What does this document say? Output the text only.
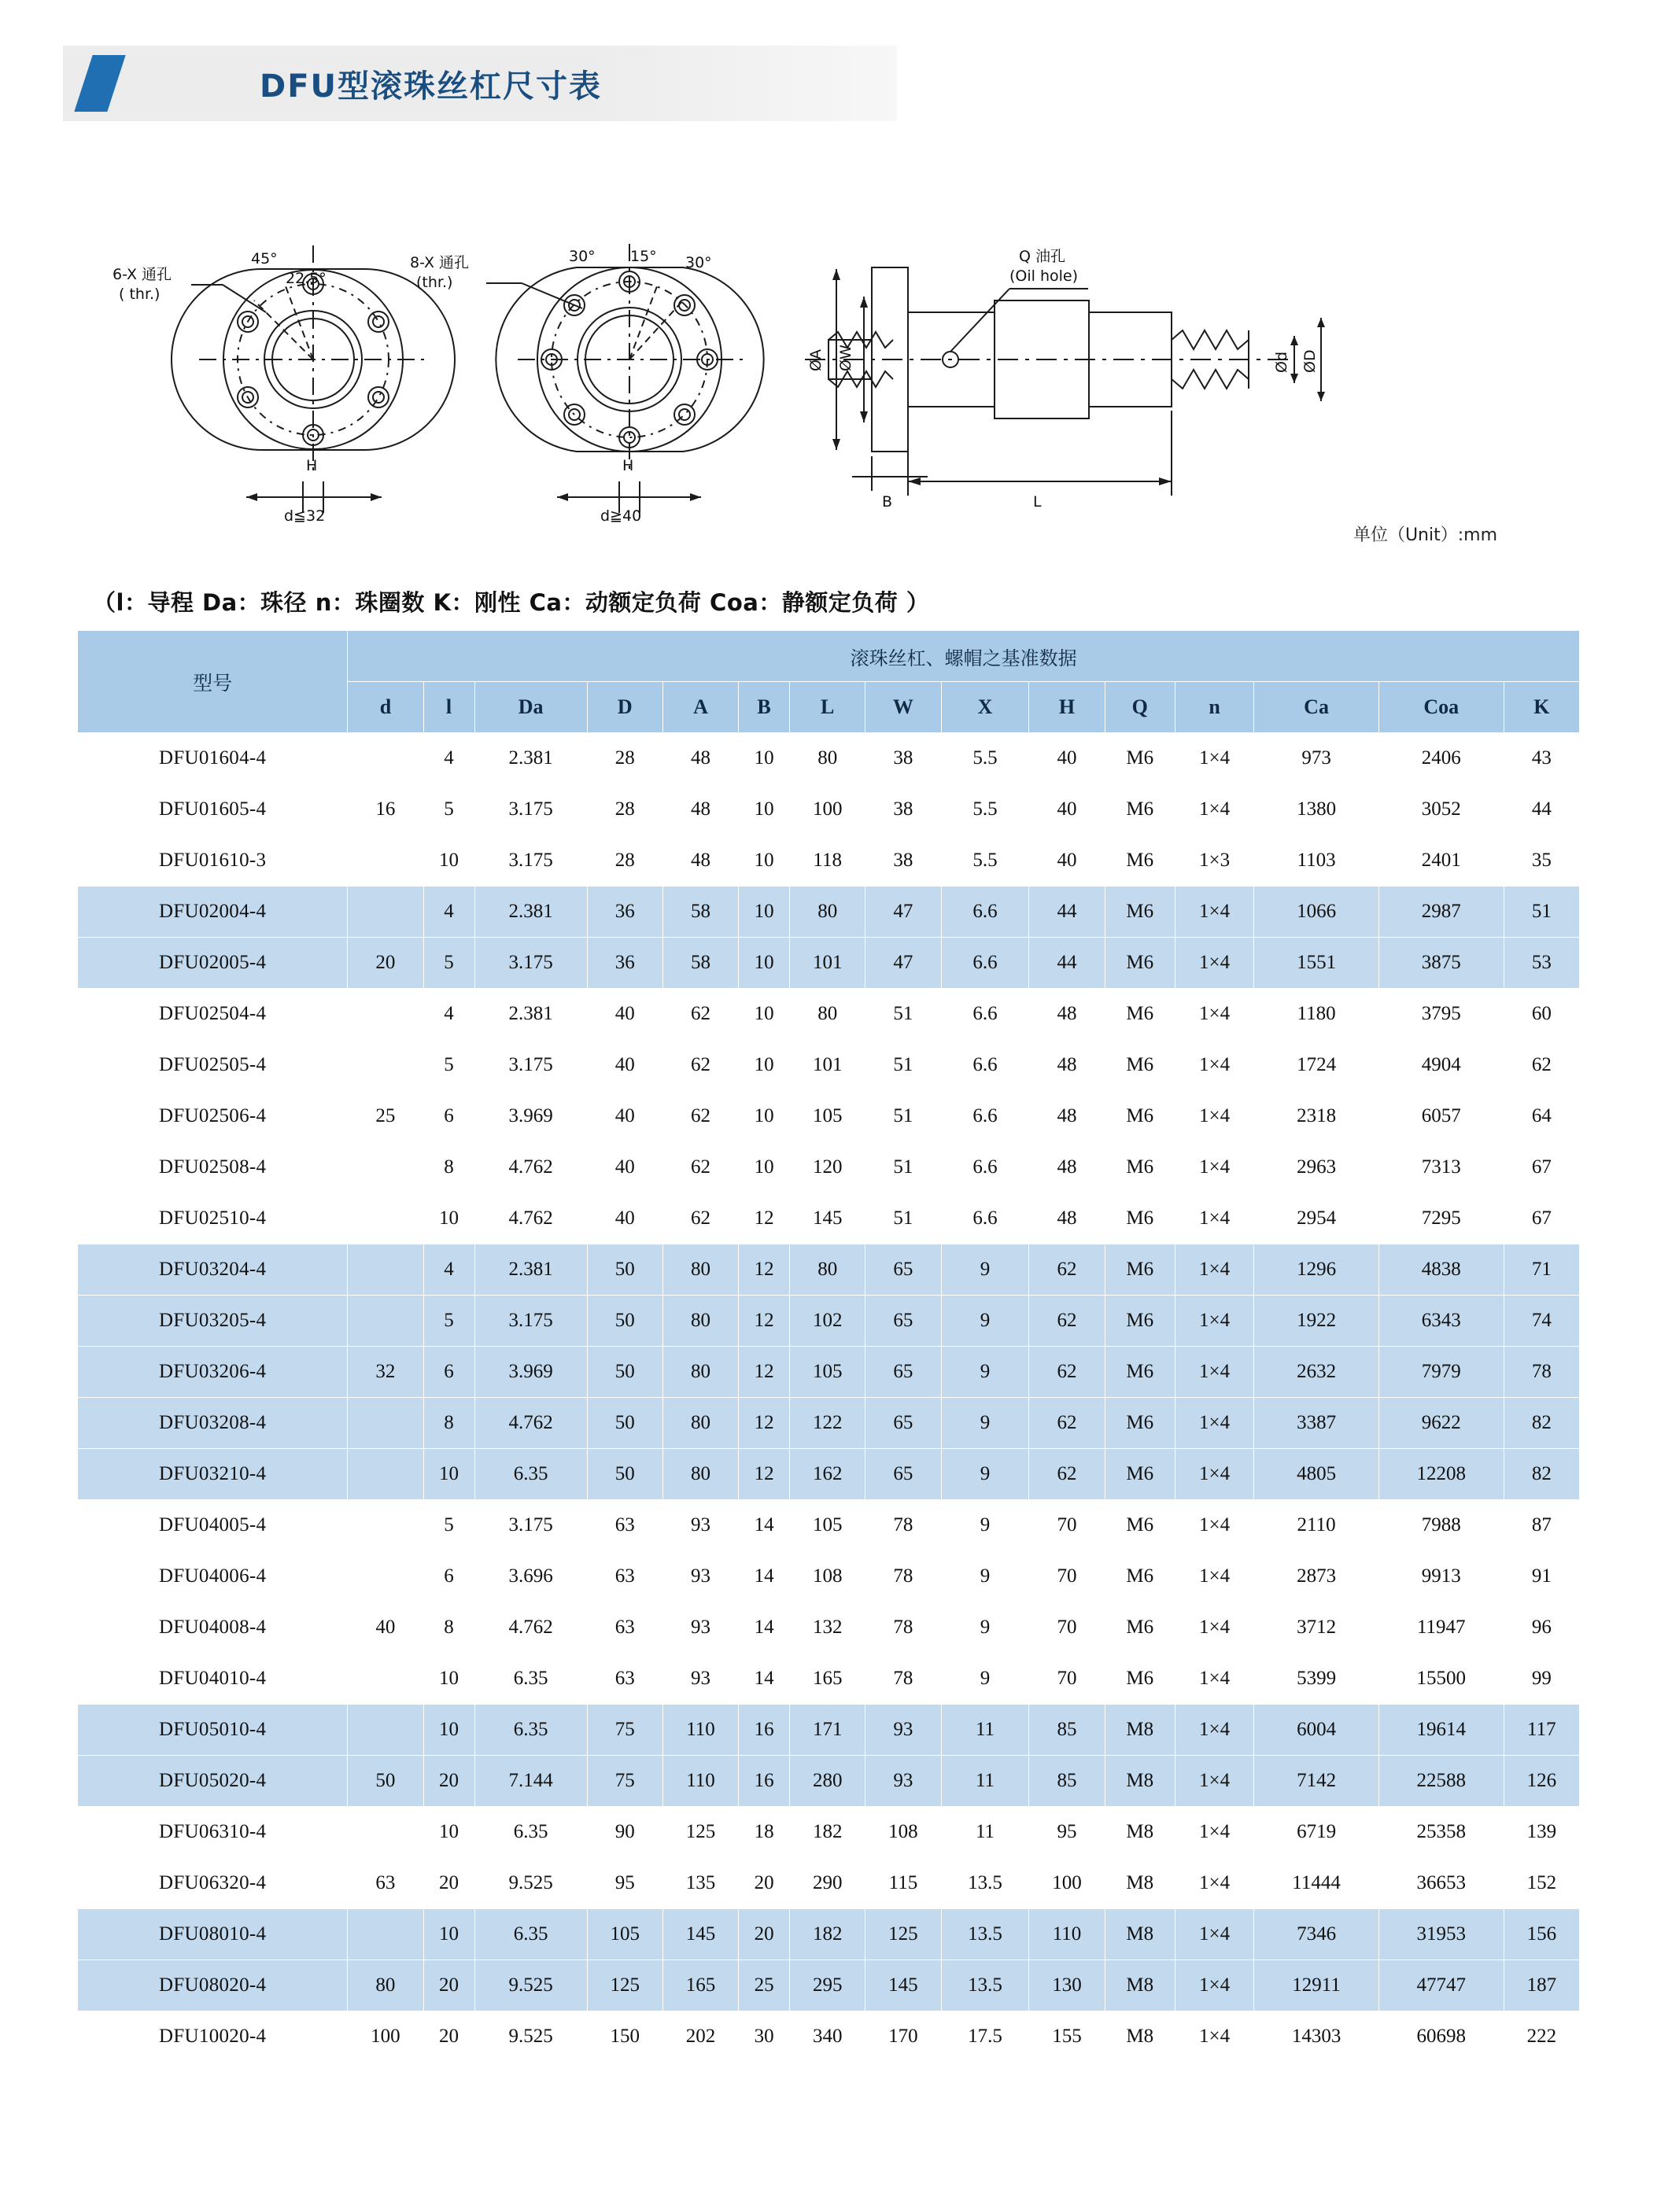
DFU型滚珠丝杠尺寸表
6-X 通孔
( thr.)
45°
22.5°
8-X 通孔
(thr.)
30° 15° 30°	Q 油孔
(Oil hole)
ØA ØW	Ød ØD
H	H
d≦32	d≧40
B	L
单位（Unit）:mm
（l：导程 Da：珠径 n：珠圈数 K：刚性 Ca：动额定负荷 Coa：静额定负荷 ）
型号	滚珠丝杠、螺帽之基准数据														
	d	l	Da	D	A	B	L	W	X	H	Q	n	Ca	Coa	K
DFU01604-4		4	2.381	28	48	10	80	38	5.5	40	M6	1×4	973	2406	43
DFU01605-4	16	5	3.175	28	48	10	100	38	5.5	40	M6	1×4	1380	3052	44
DFU01610-3		10	3.175	28	48	10	118	38	5.5	40	M6	1×3	1103	2401	35
DFU02004-4		4	2.381	36	58	10	80	47	6.6	44	M6	1×4	1066	2987	51
DFU02005-4	20	5	3.175	36	58	10	101	47	6.6	44	M6	1×4	1551	3875	53
DFU02504-4		4	2.381	40	62	10	80	51	6.6	48	M6	1×4	1180	3795	60
DFU02505-4		5	3.175	40	62	10	101	51	6.6	48	M6	1×4	1724	4904	62
DFU02506-4	25	6	3.969	40	62	10	105	51	6.6	48	M6	1×4	2318	6057	64
DFU02508-4		8	4.762	40	62	10	120	51	6.6	48	M6	1×4	2963	7313	67
DFU02510-4		10	4.762	40	62	12	145	51	6.6	48	M6	1×4	2954	7295	67
DFU03204-4		4	2.381	50	80	12	80	65	9	62	M6	1×4	1296	4838	71
DFU03205-4		5	3.175	50	80	12	102	65	9	62	M6	1×4	1922	6343	74
DFU03206-4	32	6	3.969	50	80	12	105	65	9	62	M6	1×4	2632	7979	78
DFU03208-4		8	4.762	50	80	12	122	65	9	62	M6	1×4	3387	9622	82
DFU03210-4		10	6.35	50	80	12	162	65	9	62	M6	1×4	4805	12208	82
DFU04005-4		5	3.175	63	93	14	105	78	9	70	M6	1×4	2110	7988	87
DFU04006-4		6	3.696	63	93	14	108	78	9	70	M6	1×4	2873	9913	91
DFU04008-4	40	8	4.762	63	93	14	132	78	9	70	M6	1×4	3712	11947	96
DFU04010-4		10	6.35	63	93	14	165	78	9	70	M6	1×4	5399	15500	99
DFU05010-4		10	6.35	75	110	16	171	93	11	85	M8	1×4	6004	19614	117
DFU05020-4	50	20	7.144	75	110	16	280	93	11	85	M8	1×4	7142	22588	126
DFU06310-4		10	6.35	90	125	18	182	108	11	95	M8	1×4	6719	25358	139
DFU06320-4	63	20	9.525	95	135	20	290	115	13.5	100	M8	1×4	11444	36653	152
DFU08010-4		10	6.35	105	145	20	182	125	13.5	110	M8	1×4	7346	31953	156
DFU08020-4	80	20	9.525	125	165	25	295	145	13.5	130	M8	1×4	12911	47747	187
DFU10020-4	100	20	9.525	150	202	30	340	170	17.5	155	M8	1×4	14303	60698	222
